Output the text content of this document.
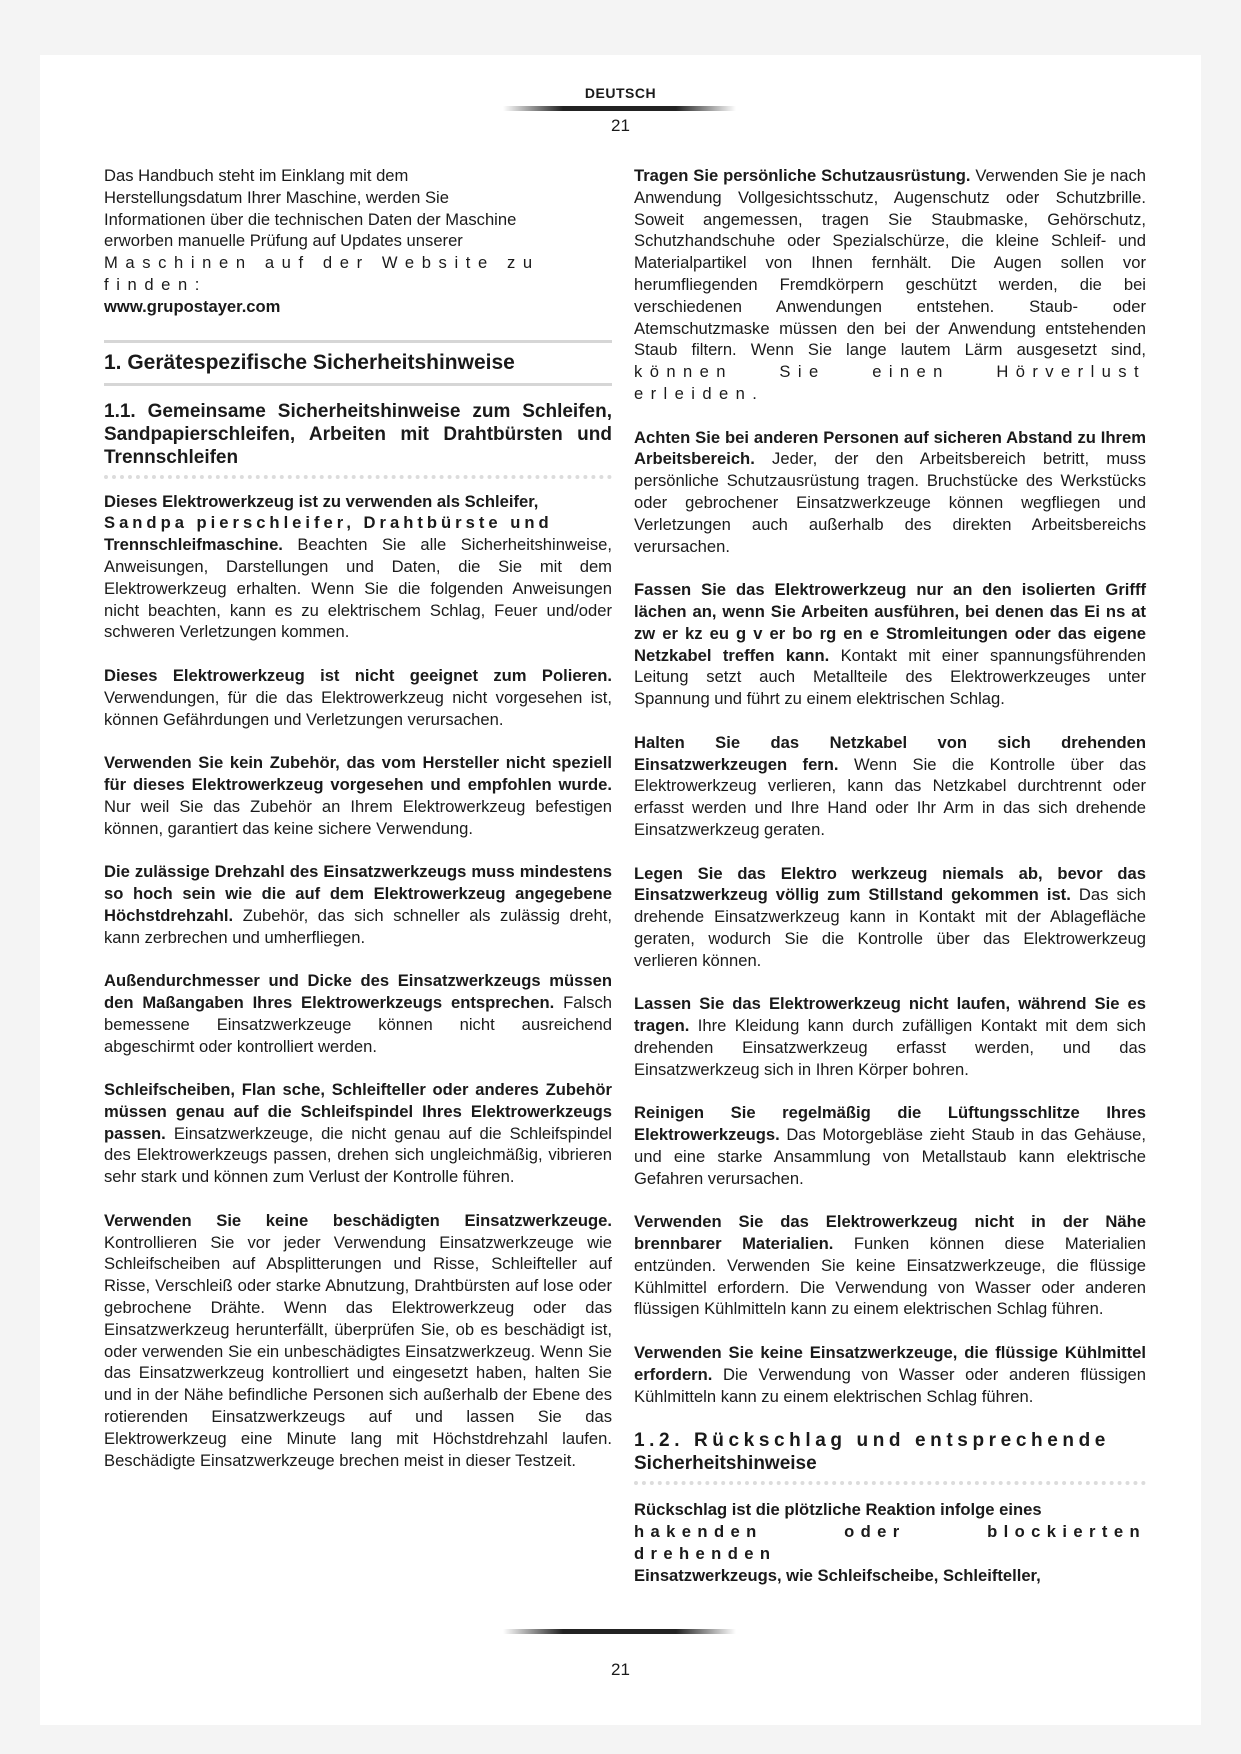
DEUTSCH
21
Das Handbuch steht im Einklang mit dem
Herstellungsdatum Ihrer Maschine, werden Sie
Informationen über die technischen Daten der Maschine
erworben manuelle Prüfung auf Updates unserer
Maschinen auf der Website zu finden:
www.grupostayer.com
1. Gerätespezifische Sicherheitshinweise
1.1. Gemeinsame Sicherheitshinweise zum Schleifen, Sandpapierschleifen, Arbeiten mit Drahtbürsten und Trennschleifen

Dieses Elektrowerkzeug ist zu verwenden als Schleifer,
Sandpa pierschleifer, Drahtbürste und
Trennschleifmaschine. Beachten Sie alle Sicherheitshinweise, Anweisungen, Darstellungen und Daten, die Sie mit dem Elektrowerkzeug erhalten. Wenn Sie die folgenden Anweisungen nicht beachten, kann es zu elektrischem Schlag, Feuer und/oder schweren Verletzungen kommen.

Dieses Elektrowerkzeug ist nicht geeignet zum Polieren. Verwendungen, für die das Elektrowerkzeug nicht vorgesehen ist, können Gefährdungen und Verletzungen verursachen.

Verwenden Sie kein Zubehör, das vom Hersteller nicht speziell für dieses Elektrowerkzeug vorgesehen und empfohlen wurde. Nur weil Sie das Zubehör an Ihrem Elektrowerkzeug befestigen können, garantiert das keine sichere Verwendung.

Die zulässige Drehzahl des Einsatzwerkzeugs muss mindestens so hoch sein wie die auf dem Elektrowerkzeug angegebene Höchstdrehzahl. Zubehör, das sich schneller als zulässig dreht, kann zerbrechen und umherfliegen.

Außendurchmesser und Dicke des Einsatzwerkzeugs müssen den Maßangaben Ihres Elektrowerkzeugs entsprechen. Falsch bemessene Einsatzwerkzeuge können nicht ausreichend abgeschirmt oder kontrolliert werden.

Schleifscheiben, Flan sche, Schleifteller oder anderes Zubehör müssen genau auf die Schleifspindel Ihres Elektrowerkzeugs passen. Einsatzwerkzeuge, die nicht genau auf die Schleifspindel des Elektrowerkzeugs passen, drehen sich ungleichmäßig, vibrieren sehr stark und können zum Verlust der Kontrolle führen.

Verwenden Sie keine beschädigten Einsatzwerkzeuge. Kontrollieren Sie vor jeder Verwendung Einsatzwerkzeuge wie Schleifscheiben auf Absplitterungen und Risse, Schleifteller auf Risse, Verschleiß oder starke Abnutzung, Drahtbürsten auf lose oder gebrochene Drähte. Wenn das Elektrowerkzeug oder das Einsatzwerkzeug herunterfällt, überprüfen Sie, ob es beschädigt ist, oder verwenden Sie ein unbeschädigtes Einsatzwerkzeug. Wenn Sie das Einsatzwerkzeug kontrolliert und eingesetzt haben, halten Sie und in der Nähe befindliche Personen sich außerhalb der Ebene des rotierenden Einsatzwerkzeugs auf und lassen Sie das Elektrowerkzeug eine Minute lang mit Höchstdrehzahl laufen. Beschädigte Einsatzwerkzeuge brechen meist in dieser Testzeit.

Tragen Sie persönliche Schutzausrüstung. Verwenden Sie je nach Anwendung Vollgesichtsschutz, Augenschutz oder Schutzbrille. Soweit angemessen, tragen Sie Staubmaske, Gehörschutz, Schutzhandschuhe oder Spezialschürze, die kleine Schleif- und Materialpartikel von Ihnen fernhält. Die Augen sollen vor herumfliegenden Fremdkörpern geschützt werden, die bei verschiedenen Anwendungen entstehen. Staub- oder Atemschutzmaske müssen den bei der Anwendung entstehenden Staub filtern. Wenn Sie lange lautem Lärm ausgesetzt sind, können Sie einen Hörverlust erleiden.

Achten Sie bei anderen Personen auf sicheren Abstand zu Ihrem Arbeitsbereich. Jeder, der den Arbeitsbereich betritt, muss persönliche Schutzausrüstung tragen. Bruchstücke des Werkstücks oder gebrochener Einsatzwerkzeuge können wegfliegen und Verletzungen auch außerhalb des direkten Arbeitsbereichs verursachen.

Fassen Sie das Elektrowerkzeug nur an den isolierten Grifff lächen an, wenn Sie Arbeiten ausführen, bei denen das Ei ns at zw er kz eu g v er bo rg en e Stromleitungen oder das eigene Netzkabel treffen kann. Kontakt mit einer spannungsführenden Leitung setzt auch Metallteile des Elektrowerkzeuges unter Spannung und führt zu einem elektrischen Schlag.

Halten Sie das Netzkabel von sich drehenden Einsatzwerkzeugen fern. Wenn Sie die Kontrolle über das Elektrowerkzeug verlieren, kann das Netzkabel durchtrennt oder erfasst werden und Ihre Hand oder Ihr Arm in das sich drehende Einsatzwerkzeug geraten.

Legen Sie das Elektro werkzeug niemals ab, bevor das Einsatzwerkzeug völlig zum Stillstand gekommen ist. Das sich drehende Einsatzwerkzeug kann in Kontakt mit der Ablagefläche geraten, wodurch Sie die Kontrolle über das Elektrowerkzeug verlieren können.

Lassen Sie das Elektrowerkzeug nicht laufen, während Sie es tragen. Ihre Kleidung kann durch zufälligen Kontakt mit dem sich drehenden Einsatzwerkzeug erfasst werden, und das Einsatzwerkzeug sich in Ihren Körper bohren.

Reinigen Sie regelmäßig die Lüftungsschlitze Ihres Elektrowerkzeugs. Das Motorgebläse zieht Staub in das Gehäuse, und eine starke Ansammlung von Metallstaub kann elektrische Gefahren verursachen.

Verwenden Sie das Elektrowerkzeug nicht in der Nähe brennbarer Materialien. Funken können diese Materialien entzünden. Verwenden Sie keine Einsatzwerkzeuge, die flüssige Kühlmittel erfordern. Die Verwendung von Wasser oder anderen flüssigen Kühlmitteln kann zu einem elektrischen Schlag führen.

Verwenden Sie keine Einsatzwerkzeuge, die flüssige Kühlmittel erfordern. Die Verwendung von Wasser oder anderen flüssigen Kühlmitteln kann zu einem elektrischen Schlag führen.

1.2. Rückschlag und entsprechende
Sicherheitshinweise

Rückschlag ist die plötzliche Reaktion infolge eines
hakenden oder blockierten drehenden
Einsatzwerkzeugs, wie Schleifscheibe, Schleifteller,

21
